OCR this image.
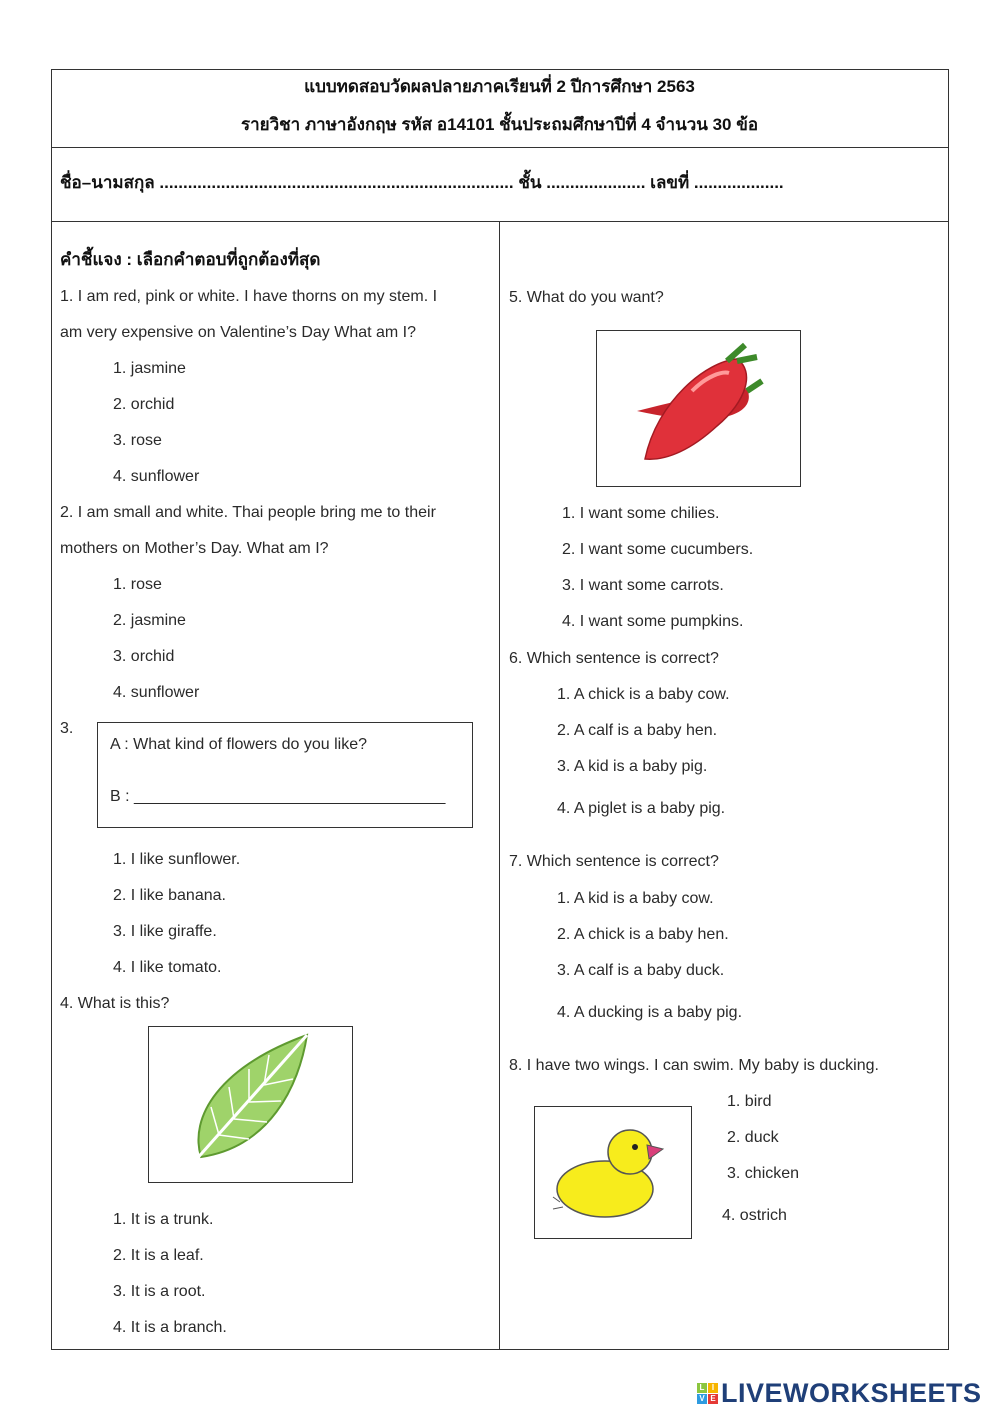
แบบทดสอบวัดผลปลายภาคเรียนที่ 2 ปีการศึกษา 2563
รายวิชา ภาษาอังกฤษ รหัส อ14101 ชั้นประถมศึกษาปีที่ 4 จำนวน 30 ข้อ
ชื่อ–นามสกุล ........................................................................... ชั้น ..................... เลขที่ ...................
คำชี้แจง : เลือกคำตอบที่ถูกต้องที่สุด
1. I am red, pink or white. I have thorns on my stem. I
am very expensive on Valentine’s Day What am I?
1. jasmine
2. orchid
3. rose
4. sunflower
2. I am small and white. Thai people bring me to their
mothers on Mother’s Day. What am I?
1. rose
2. jasmine
3. orchid
4. sunflower
3.
A : What kind of flowers do you like?
B : ___________________________________
1. I like sunflower.
2. I like banana.
3. I like giraffe.
4. I like tomato.
4. What is this?
1. It is a trunk.
2. It is a leaf.
3. It is a root.
4. It is a branch.
5. What do you want?
1. I want some chilies.
2. I want some cucumbers.
3. I want some carrots.
4. I want some pumpkins.
6. Which sentence is correct?
1. A chick is a baby cow.
2. A calf is a baby hen.
3. A kid is a baby pig.
4. A piglet is a baby pig.
7. Which sentence is correct?
1. A kid is a baby cow.
2. A chick is a baby hen.
3. A calf is a baby duck.
4. A ducking is a baby pig.
8. I have two wings. I can swim. My baby is ducking.
1. bird
2. duck
3. chicken
4. ostrich
L I
V E LIVEWORKSHEETS
